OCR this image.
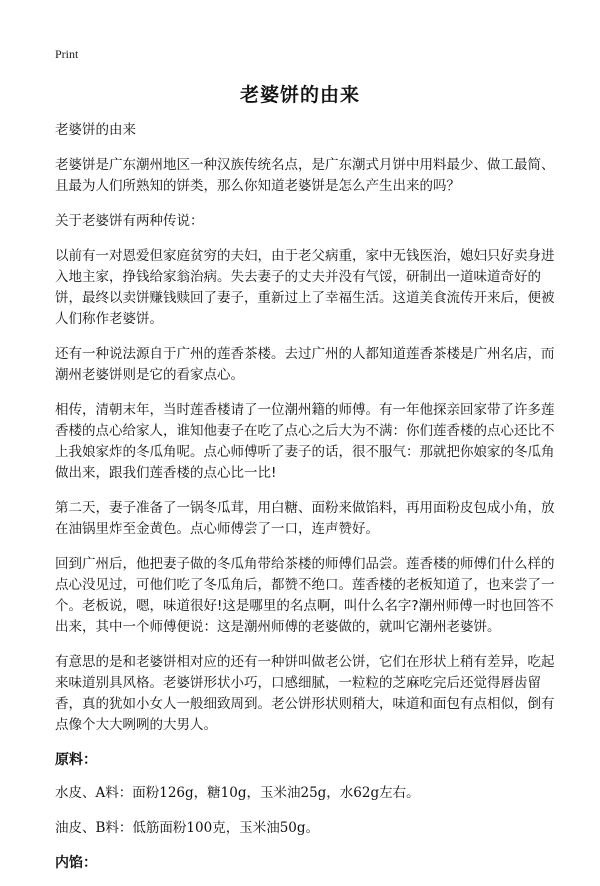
Print
老婆饼的由来

老婆饼的由来

老婆饼是广东潮州地区一种汉族传统名点，是广东潮式月饼中用料最少、做工最简、且最为人们所熟知的饼类，那么你知道老婆饼是怎么产生出来的吗？

关于老婆饼有两种传说：

以前有一对恩爱但家庭贫穷的夫妇，由于老父病重，家中无钱医治，媳妇只好卖身进入地主家，挣钱给家翁治病。失去妻子的丈夫并没有气馁，研制出一道味道奇好的饼，最终以卖饼赚钱赎回了妻子，重新过上了幸福生活。这道美食流传开来后，便被人们称作老婆饼。

还有一种说法源自于广州的莲香茶楼。去过广州的人都知道莲香茶楼是广州名店，而潮州老婆饼则是它的看家点心。

相传，清朝末年，当时莲香楼请了一位潮州籍的师傅。有一年他探亲回家带了许多莲香楼的点心给家人，谁知他妻子在吃了点心之后大为不满：你们莲香楼的点心还比不上我娘家炸的冬瓜角呢。点心师傅听了妻子的话，很不服气：那就把你娘家的冬瓜角做出来，跟我们莲香楼的点心比一比!

第二天，妻子准备了一锅冬瓜茸，用白糖、面粉来做馅料，再用面粉皮包成小角，放在油锅里炸至金黄色。点心师傅尝了一口，连声赞好。

回到广州后，他把妻子做的冬瓜角带给茶楼的师傅们品尝。莲香楼的师傅们什么样的点心没见过，可他们吃了冬瓜角后，都赞不绝口。莲香楼的老板知道了，也来尝了一个。老板说，嗯，味道很好!这是哪里的名点啊，叫什么名字?潮州师傅一时也回答不出来，其中一个师傅便说：这是潮州师傅的老婆做的，就叫它潮州老婆饼。

有意思的是和老婆饼相对应的还有一种饼叫做老公饼，它们在形状上稍有差异，吃起来味道别具风格。老婆饼形状小巧，口感细腻，一粒粒的芝麻吃完后还觉得唇齿留香，真的犹如小女人一般细致周到。老公饼形状则稍大，味道和面包有点相似，倒有点像个大大咧咧的大男人。

原料：

水皮、A料：面粉126g，糖10g，玉米油25g，水62g左右。

油皮、B料：低筋面粉100克，玉米油50g。

内馅：
